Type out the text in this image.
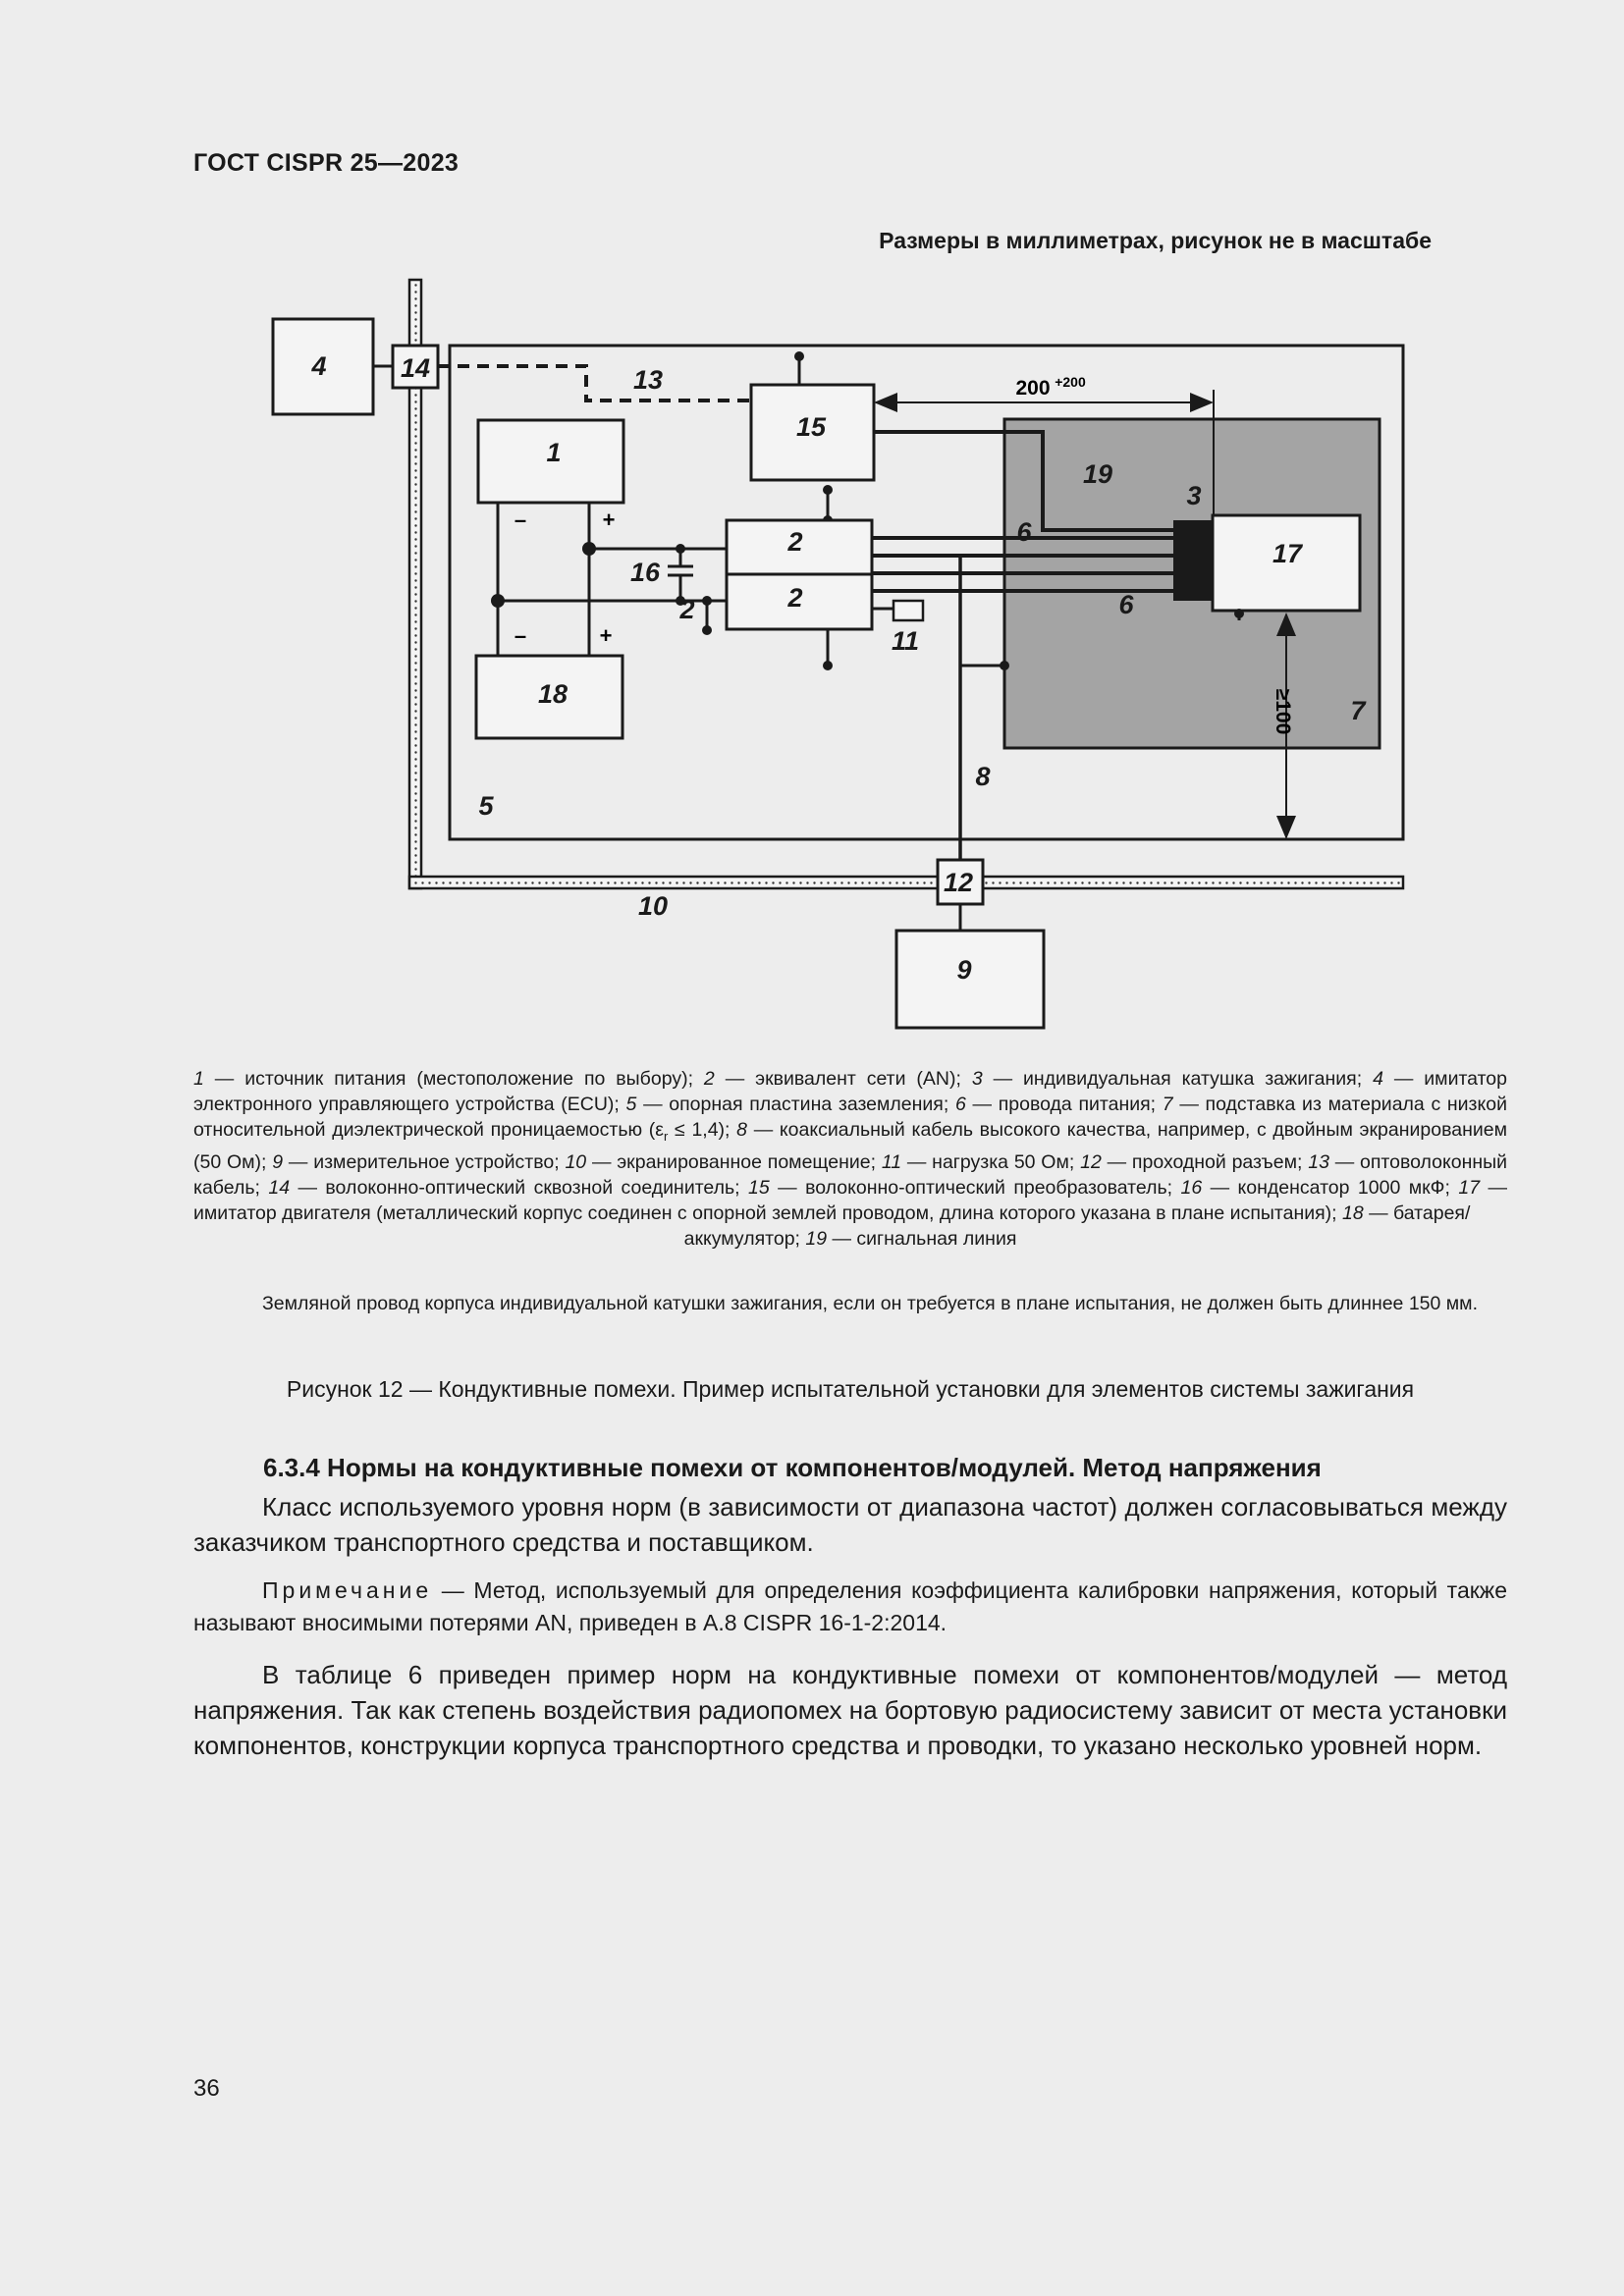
ГОСТ CISPR 25—2023
Размеры в миллиметрах, рисунок не в масштабе
4	14	13
15
1
18
2
2
2
16
11
19
3
6
6
17
7
8
5
12
10
9
–	+
–	+
200 +200
≥100
1 — источник питания (местоположение по выбору); 2 — эквивалент сети (AN); 3 — индивидуальная катушка зажигания; 4 — имитатор электронного управляющего устройства (ECU); 5 — опорная пластина заземления; 6 — провода питания; 7 — подставка из материала с низкой относительной диэлектрической проницаемостью $(\varepsilon_r \le 1,4)$; 8 — коаксиальный кабель высокого качества, например, с двойным экранированием (50 Ом); 9 — измерительное устройство; 10 — экранированное помещение; 11 — нагрузка 50 Ом; 12 — проходной разъем; 13 — оптоволоконный кабель; 14 — волоконно-оптический сквозной соединитель; 15 — волоконно-оптический преобразователь; 16 — конденсатор 1000 мкФ; 17 — имитатор двигателя (металлический корпус соединен с опорной землей проводом, длина которого указана в плане испытания); 18 — батарея/
аккумулятор; 19 — сигнальная линия
Земляной провод корпуса индивидуальной катушки зажигания, если он требуется в плане испытания, не должен быть длиннее 150 мм.
Рисунок 12 — Кондуктивные помехи. Пример испытательной установки для элементов системы зажигания
6.3.4 Нормы на кондуктивные помехи от компонентов/модулей. Метод напряжения
Класс используемого уровня норм (в зависимости от диапазона частот) должен согласовываться между заказчиком транспортного средства и поставщиком.
Примечание — Метод, используемый для определения коэффициента калибровки напряжения, который также называют вносимыми потерями AN, приведен в А.8 CISPR 16-1-2:2014.
В таблице 6 приведен пример норм на кондуктивные помехи от компонентов/модулей — метод напряжения. Так как степень воздействия радиопомех на бортовую радиосистему зависит от места установки компонентов, конструкции корпуса транспортного средства и проводки, то указано несколько уровней норм.
36
